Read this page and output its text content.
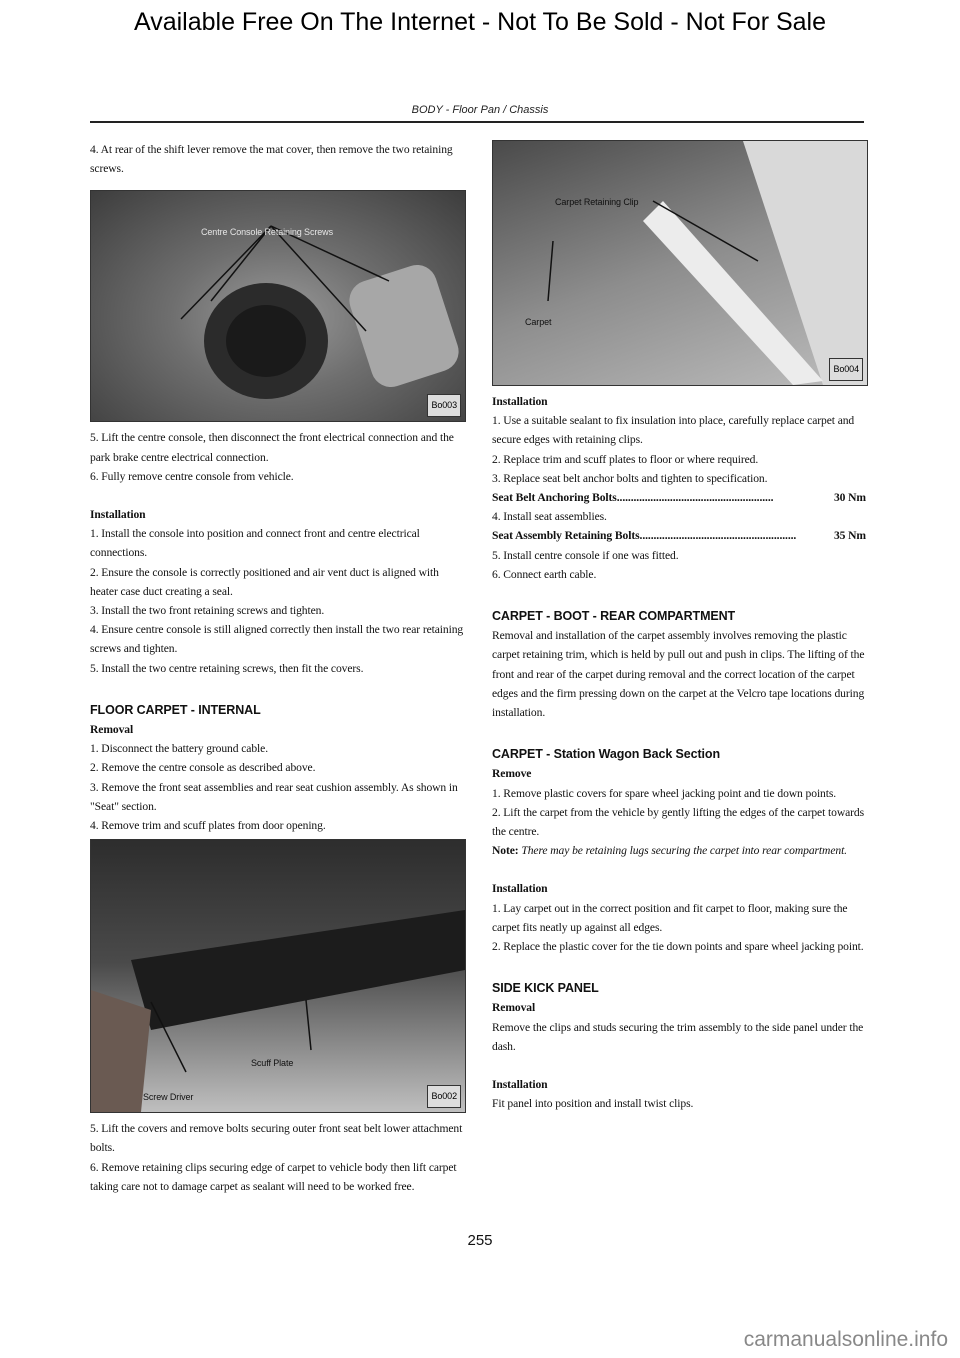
Available Free On The Internet - Not To Be Sold - Not For Sale
BODY - Floor Pan / Chassis

4. At rear of the shift lever remove the mat cover, then remove the two retaining screws.

Centre Console Retaining Screws
Bo003

5. Lift the centre console, then disconnect the front electrical connection and the park brake centre electrical connection.

6. Fully remove centre console from vehicle.

Installation

1. Install the console into position and connect front and centre electrical connections.

2. Ensure the console is correctly positioned and air vent duct is aligned with heater case duct creating a seal.

3. Install the two front retaining screws and tighten.

4. Ensure centre console is still aligned correctly then install the two rear retaining screws and tighten.

5. Install the two centre retaining screws, then fit the covers.

FLOOR CARPET - INTERNAL

Removal

1. Disconnect the battery ground cable.

2. Remove the centre console as described above.

3. Remove the front seat assemblies and rear seat cushion assembly. As shown in "Seat" section.

4. Remove trim and scuff plates from door opening.

Scuff Plate
Screw Driver	Bo002

5. Lift the covers and remove bolts securing outer front seat belt lower attachment bolts.

6. Remove retaining clips securing edge of carpet to vehicle body then lift carpet taking care not to damage carpet as sealant will need to be worked free.

Carpet Retaining Clip
Carpet
Bo004

Installation

1. Use a suitable sealant to fix insulation into place, carefully replace carpet and secure edges with retaining clips.

2. Replace trim and scuff plates to floor or where required.

3. Replace seat belt anchor bolts and tighten to specification.

Seat Belt Anchoring Bolts ........................................................	30 Nm

4. Install seat assemblies.

Seat Assembly Retaining Bolts ........................................................	35 Nm

5. Install centre console if one was fitted.

6. Connect earth cable.

CARPET - BOOT - REAR COMPARTMENT

Removal and installation of the carpet assembly involves removing the plastic carpet retaining trim, which is held by pull out and push in clips. The lifting of the front and rear of the carpet during removal and the correct location of the carpet edges and the firm pressing down on the carpet at the Velcro tape locations during installation.

CARPET - Station Wagon Back Section

Remove

1. Remove plastic covers for spare wheel jacking point and tie down points.

2. Lift the carpet from the vehicle by gently lifting the edges of the carpet towards the centre.

Note: There may be retaining lugs securing the carpet into rear compartment.

Installation

1. Lay carpet out in the correct position and fit carpet to floor, making sure the carpet fits neatly up against all edges.

2. Replace the plastic cover for the tie down points and spare wheel jacking point.

SIDE KICK PANEL

Removal

Remove the clips and studs securing the trim assembly to the side panel under the dash.

Installation

Fit panel into position and install twist clips.

255
carmanualsonline.info
